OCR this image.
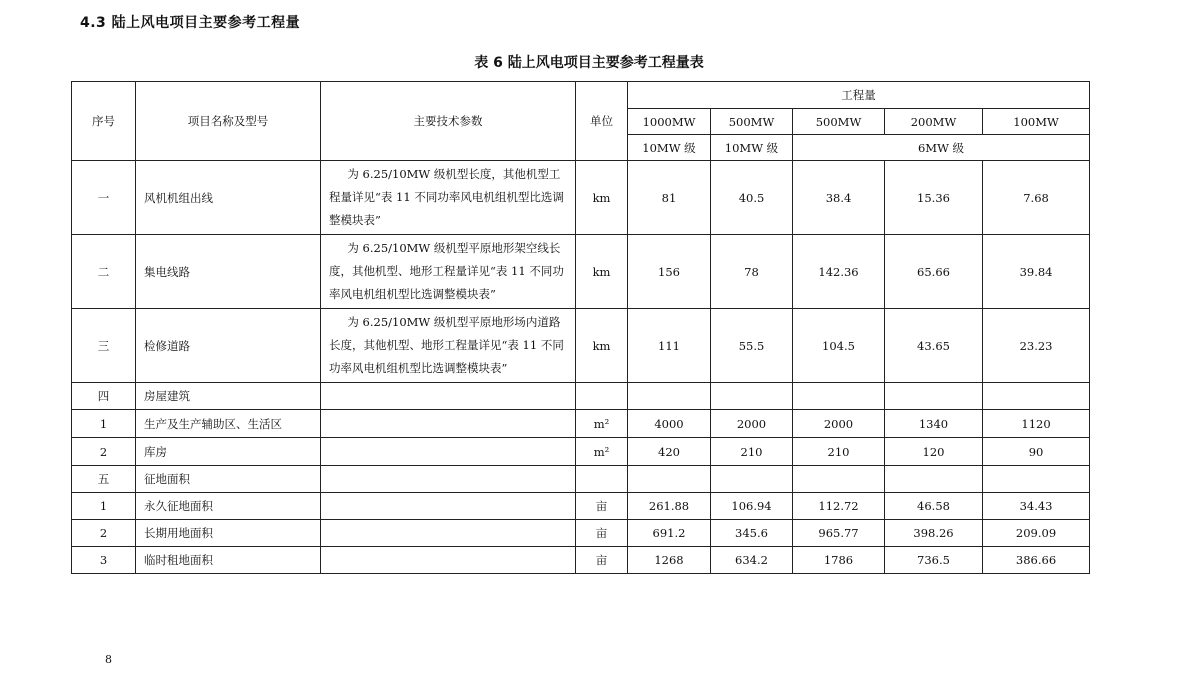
4.3 陆上风电项目主要参考工程量
表 6 陆上风电项目主要参考工程量表
序号	项目名称及型号	主要技术参数	单位	工程量				
				1000MW	500MW	500MW	200MW	100MW
				10MW 级	10MW 级	6MW 级		
一	风机机组出线	为 6.25/10MW 级机型长度，其他机型工程量详见“表 11 不同功率风电机组机型比选调整模块表”	km	81	40.5	38.4	15.36	7.68
二	集电线路	为 6.25/10MW 级机型平原地形架空线长度，其他机型、地形工程量详见“表 11 不同功率风电机组机型比选调整模块表”	km	156	78	142.36	65.66	39.84
三	检修道路	为 6.25/10MW 级机型平原地形场内道路长度，其他机型、地形工程量详见“表 11 不同功率风电机组机型比选调整模块表”	km	111	55.5	104.5	43.65	23.23
四	房屋建筑							
1	生产及生产辅助区、生活区		m²	4000	2000	2000	1340	1120
2	库房		m²	420	210	210	120	90
五	征地面积							
1	永久征地面积		亩	261.88	106.94	112.72	46.58	34.43
2	长期用地面积		亩	691.2	345.6	965.77	398.26	209.09
3	临时租地面积		亩	1268	634.2	1786	736.5	386.66
8
